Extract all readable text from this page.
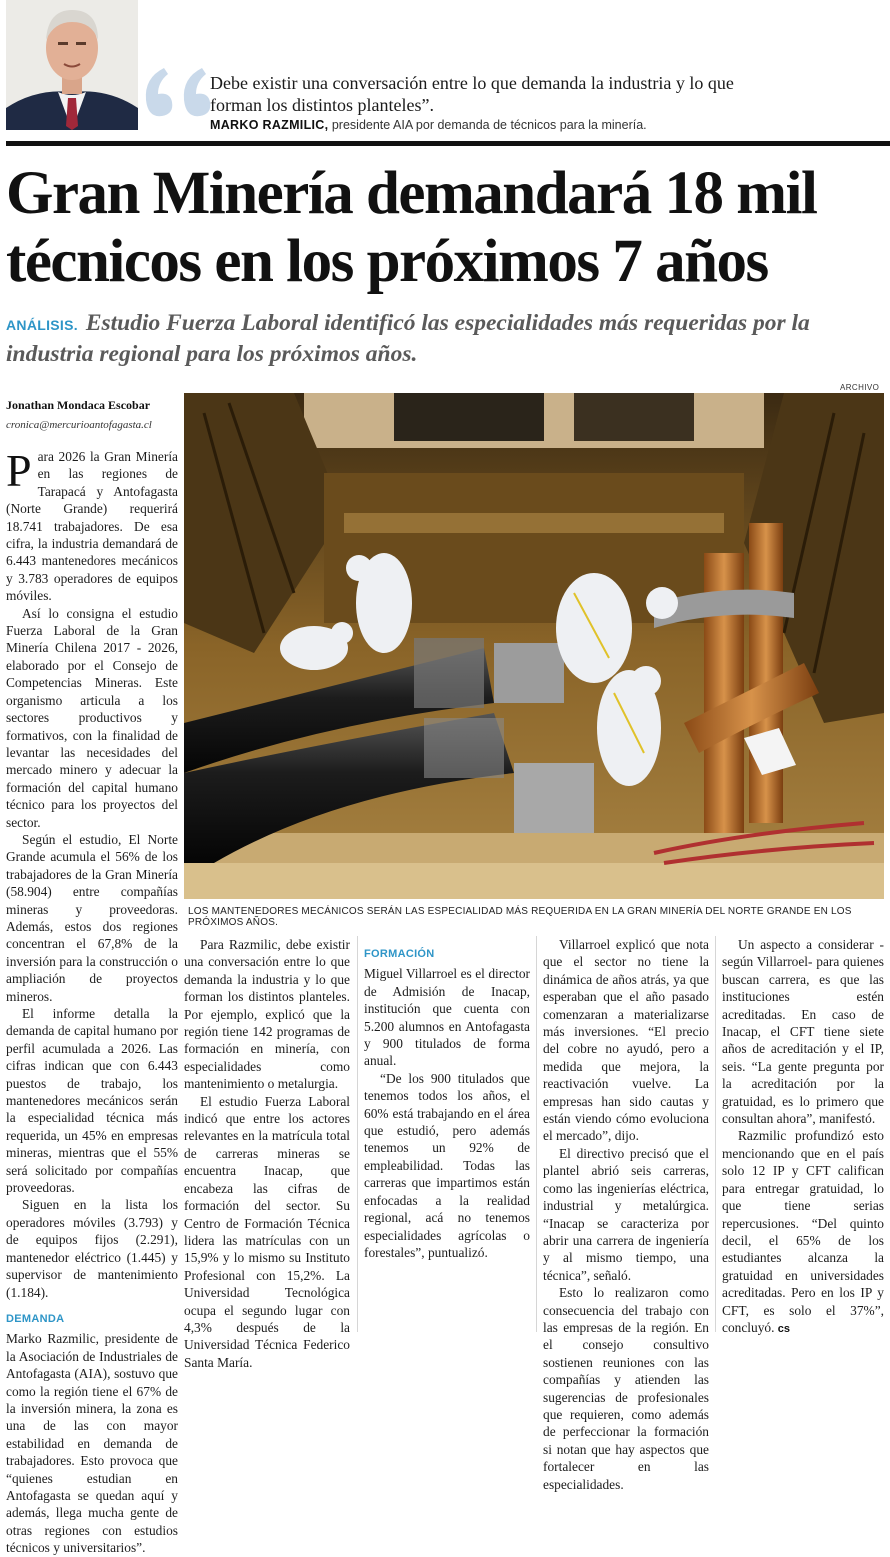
Debe existir una conversación entre lo que demanda la industria y lo que forman los distintos planteles”.
MARKO RAZMILIC, presidente AIA por demanda de técnicos para la minería.
Gran Minería demandará 18 mil técnicos en los próximos 7 años
ANÁLISIS. Estudio Fuerza Laboral identificó las especialidades más requeridas por la industria regional para los próximos años.
Jonathan Mondaca Escobar
cronica@mercurioantofagasta.cl
ARCHIVO
LOS MANTENEDORES MECÁNICOS SERÁN LAS ESPECIALIDAD MÁS REQUERIDA EN LA GRAN MINERÍA DEL NORTE GRANDE EN LOS PRÓXIMOS AÑOS.

Para 2026 la Gran Minería en las regiones de Tarapacá y Antofagasta (Norte Grande) requerirá 18.741 trabajadores. De esa cifra, la industria demandará de 6.443 mantenedores mecánicos y 3.783 operadores de equipos móviles.

Así lo consigna el estudio Fuerza Laboral de la Gran Minería Chilena 2017 - 2026, elaborado por el Consejo de Competencias Mineras. Este organismo articula a los sectores productivos y formativos, con la finalidad de levantar las necesidades del mercado minero y adecuar la formación del capital humano técnico para los proyectos del sector.

Según el estudio, El Norte Grande acumula el 56% de los trabajadores de la Gran Minería (58.904) entre compañías mineras y proveedoras. Además, estos dos regiones concentran el 67,8% de la inversión para la construcción o ampliación de proyectos mineros.

El informe detalla la demanda de capital humano por perfil acumulada a 2026. Las cifras indican que con 6.443 puestos de trabajo, los mantenedores mecánicos serán la especialidad técnica más requerida, un 45% en empresas mineras, mientras que el 55% será solicitado por compañías proveedoras.

Siguen en la lista los operadores móviles (3.793) y de equipos fijos (2.291), mantenedor eléctrico (1.445) y supervisor de mantenimiento (1.184).

DEMANDA

Marko Razmilic, presidente de la Asociación de Industriales de Antofagasta (AIA), sostuvo que como la región tiene el 67% de la inversión minera, la zona es una de las con mayor estabilidad en demanda de trabajadores. Esto provoca que “quienes estudian en Antofagasta se quedan aquí y además, llega mucha gente de otras regiones con estudios técnicos y universitarios”.

Para Razmilic, debe existir una conversación entre lo que demanda la industria y lo que forman los distintos planteles. Por ejemplo, explicó que la región tiene 142 programas de formación en minería, con especialidades como mantenimiento o metalurgia.

El estudio Fuerza Laboral indicó que entre los actores relevantes en la matrícula total de carreras mineras se encuentra Inacap, que encabeza las cifras de formación del sector. Su Centro de Formación Técnica lidera las matrículas con un 15,9% y lo mismo su Instituto Profesional con 15,2%. La Universidad Tecnológica ocupa el segundo lugar con 4,3% después de la Universidad Técnica Federico Santa María.

FORMACIÓN

Miguel Villarroel es el director de Admisión de Inacap, institución que cuenta con 5.200 alumnos en Antofagasta y 900 titulados de forma anual.

“De los 900 titulados que tenemos todos los años, el 60% está trabajando en el área que estudió, pero además tenemos un 92% de empleabilidad. Todas las carreras que impartimos están enfocadas a la realidad regional, acá no tenemos especialidades agrícolas o forestales”, puntualizó.

Villarroel explicó que nota que el sector no tiene la dinámica de años atrás, ya que esperaban que el año pasado comenzaran a materializarse más inversiones. “El precio del cobre no ayudó, pero a medida que mejora, la reactivación vuelve. La empresas han sido cautas y están viendo cómo evoluciona el mercado”, dijo.

El directivo precisó que el plantel abrió seis carreras, como las ingenierías eléctrica, industrial y metalúrgica. “Inacap se caracteriza por abrir una carrera de ingeniería y al mismo tiempo, una técnica”, señaló.

Esto lo realizaron como consecuencia del trabajo con las empresas de la región. En el consejo consultivo sostienen reuniones con las compañías y atienden las sugerencias de profesionales que requieren, como además de perfeccionar la formación si notan que hay aspectos que fortalecer en las especialidades.

Un aspecto a considerar -según Villarroel- para quienes buscan carrera, es que las instituciones estén acreditadas. En caso de Inacap, el CFT tiene siete años de acreditación y el IP, seis. “La gente pregunta por la acreditación por la gratuidad, es lo primero que consultan ahora”, manifestó.

Razmilic profundizó esto mencionando que en el país solo 12 IP y CFT califican para entregar gratuidad, lo que tiene serias repercusiones. “Del quinto decil, el 65% de los estudiantes alcanza la gratuidad en universidades acreditadas. Pero en los IP y CFT, es solo el 37%”, concluyó. cs
